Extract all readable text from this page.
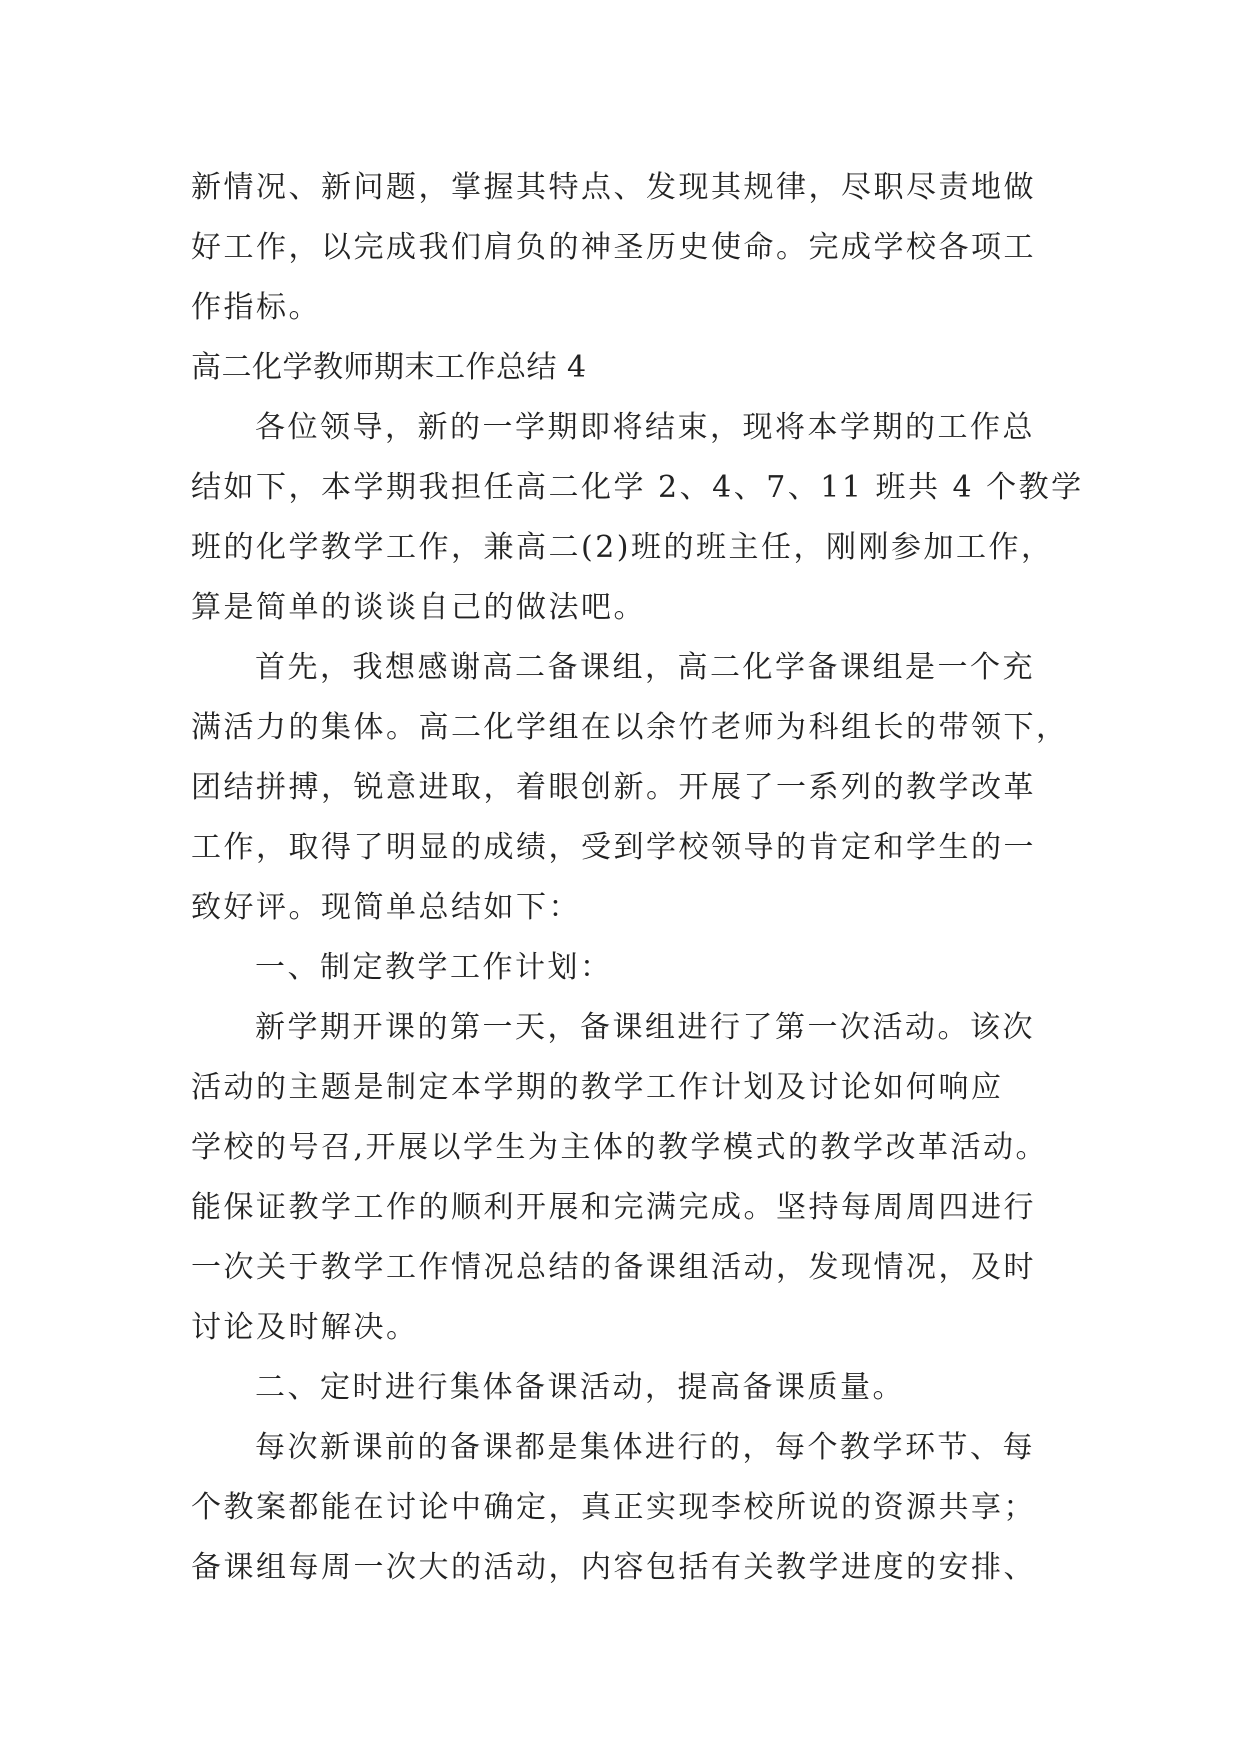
新情况、新问题，掌握其特点、发现其规律，尽职尽责地做
好工作，以完成我们肩负的神圣历史使命。完成学校各项工
作指标。
高二化学教师期末工作总结 4
各位领导，新的一学期即将结束，现将本学期的工作总
结如下，本学期我担任高二化学 2、4、7、11 班共 4 个教学
班的化学教学工作，兼高二(2)班的班主任，刚刚参加工作，
算是简单的谈谈自己的做法吧。
首先，我想感谢高二备课组，高二化学备课组是一个充
满活力的集体。高二化学组在以余竹老师为科组长的带领下，
团结拼搏，锐意进取，着眼创新。开展了一系列的教学改革
工作，取得了明显的成绩，受到学校领导的肯定和学生的一
致好评。现简单总结如下：
一、制定教学工作计划：
新学期开课的第一天，备课组进行了第一次活动。该次
活动的主题是制定本学期的教学工作计划及讨论如何响应
学校的号召,开展以学生为主体的教学模式的教学改革活动。
能保证教学工作的顺利开展和完满完成。坚持每周周四进行
一次关于教学工作情况总结的备课组活动，发现情况，及时
讨论及时解决。
二、定时进行集体备课活动，提高备课质量。
每次新课前的备课都是集体进行的，每个教学环节、每
个教案都能在讨论中确定，真正实现李校所说的资源共享；
备课组每周一次大的活动，内容包括有关教学进度的安排、
